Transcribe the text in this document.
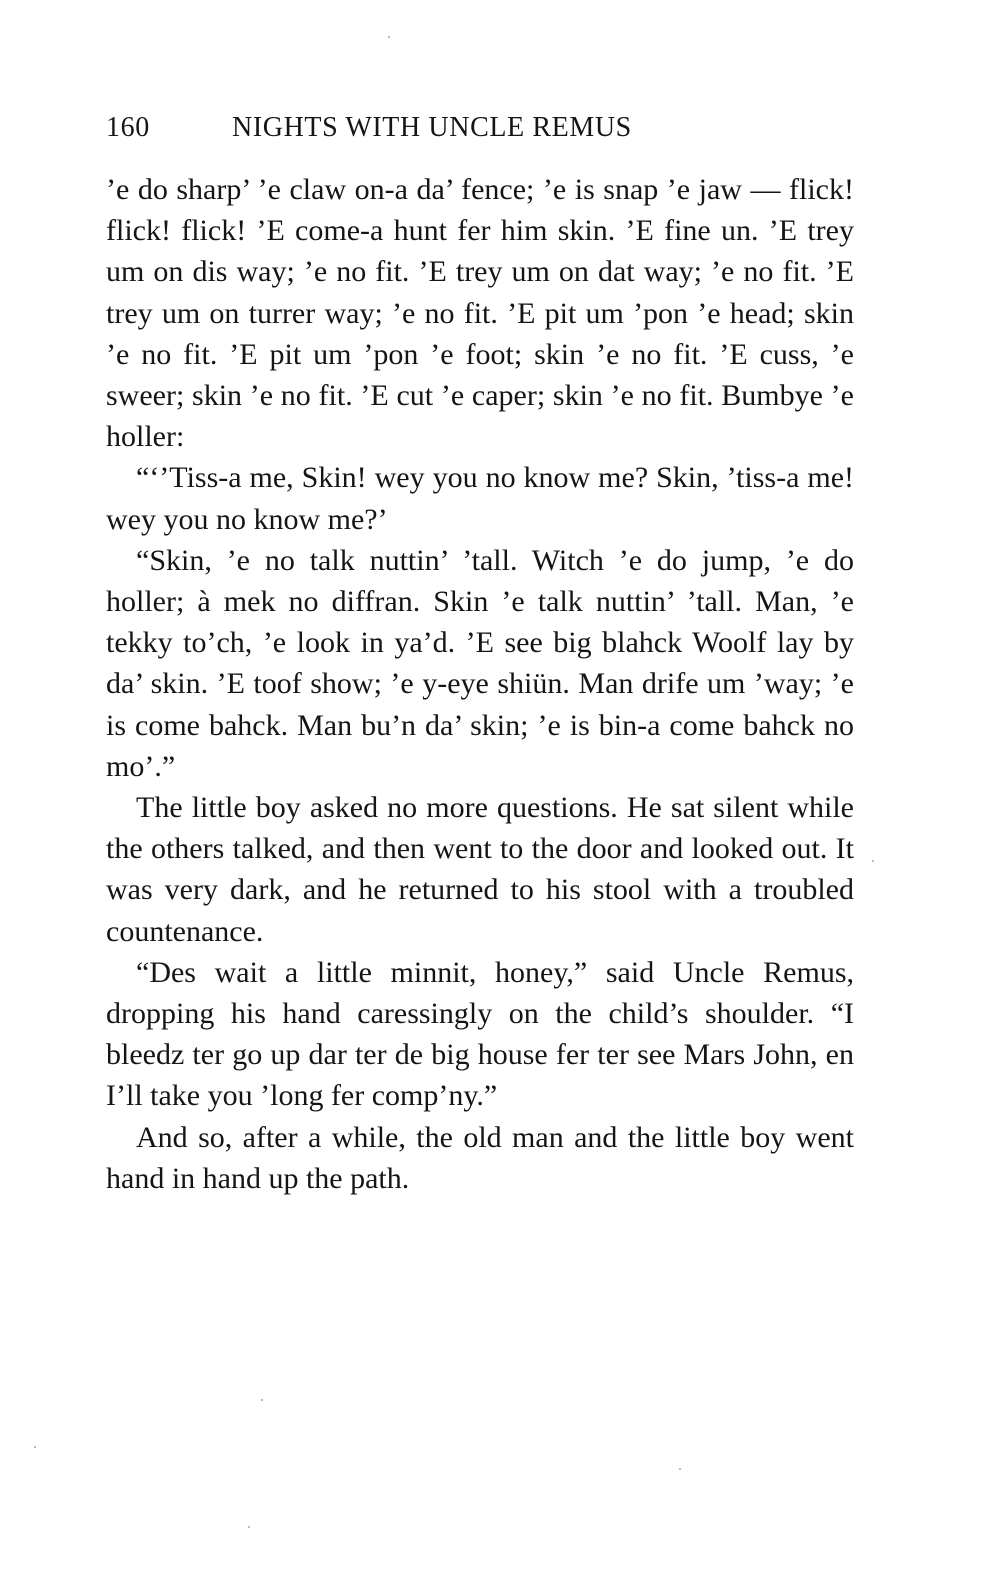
160	NIGHTS WITH UNCLE REMUS

’e do sharp’ ’e claw on-a da’ fence; ’e is snap ’e jaw — flick! flick! flick! ’E come-a hunt fer him skin. ’E fine un. ’E trey um on dis way; ’e no fit. ’E trey um on dat way; ’e no fit. ’E trey um on turrer way; ’e no fit. ’E pit um ’pon ’e head; skin ’e no fit. ’E pit um ’pon ’e foot; skin ’e no fit. ’E cuss, ’e sweer; skin ’e no fit. ’E cut ’e caper; skin ’e no fit. Bumbye ’e holler:

“‘’Tiss-a me, Skin! wey you no know me? Skin, ’tiss-a me! wey you no know me?’

“Skin, ’e no talk nuttin’ ’tall. Witch ’e do jump, ’e do holler; à mek no diffran. Skin ’e talk nuttin’ ’tall. Man, ’e tekky to’ch, ’e look in ya’d. ’E see big blahck Woolf lay by da’ skin. ’E toof show; ’e y-eye shiün. Man drife um ’way; ’e is come bahck. Man bu’n da’ skin; ’e is bin-a come bahck no mo’.”

The little boy asked no more questions. He sat silent while the others talked, and then went to the door and looked out. It was very dark, and he returned to his stool with a troubled countenance.

“Des wait a little minnit, honey,” said Uncle Remus, dropping his hand caressingly on the child’s shoulder. “I bleedz ter go up dar ter de big house fer ter see Mars John, en I’ll take you ’long fer comp’ny.”

And so, after a while, the old man and the little boy went hand in hand up the path.
